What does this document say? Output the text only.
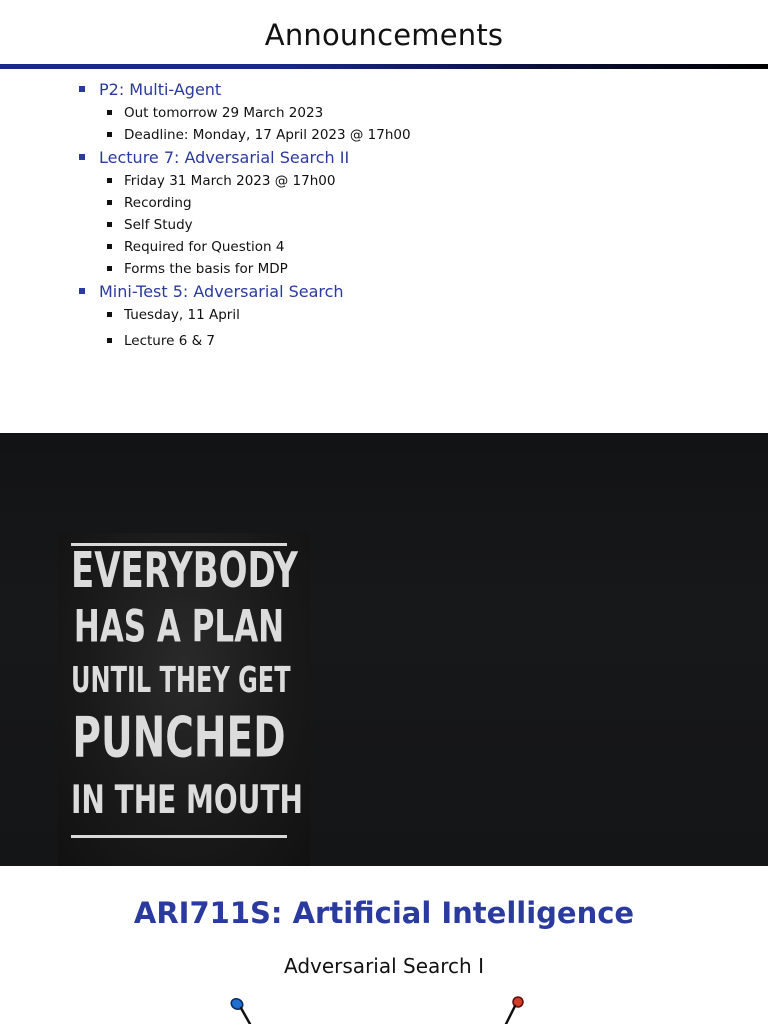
Announcements
P2: Multi-Agent
Out tomorrow 29 March 2023
Deadline: Monday, 17 April 2023 @ 17h00
Lecture 7: Adversarial Search II
Friday 31 March 2023 @ 17h00
Recording
Self Study
Required for Question 4
Forms the basis for MDP
Mini-Test 5: Adversarial Search
Tuesday, 11 April
Lecture 6 & 7
EVERYBODY
HAS A PLAN
UNTIL THEY GET
PUNCHED
IN THE MOUTH
ARI711S: Artificial Intelligence
Adversarial Search I
